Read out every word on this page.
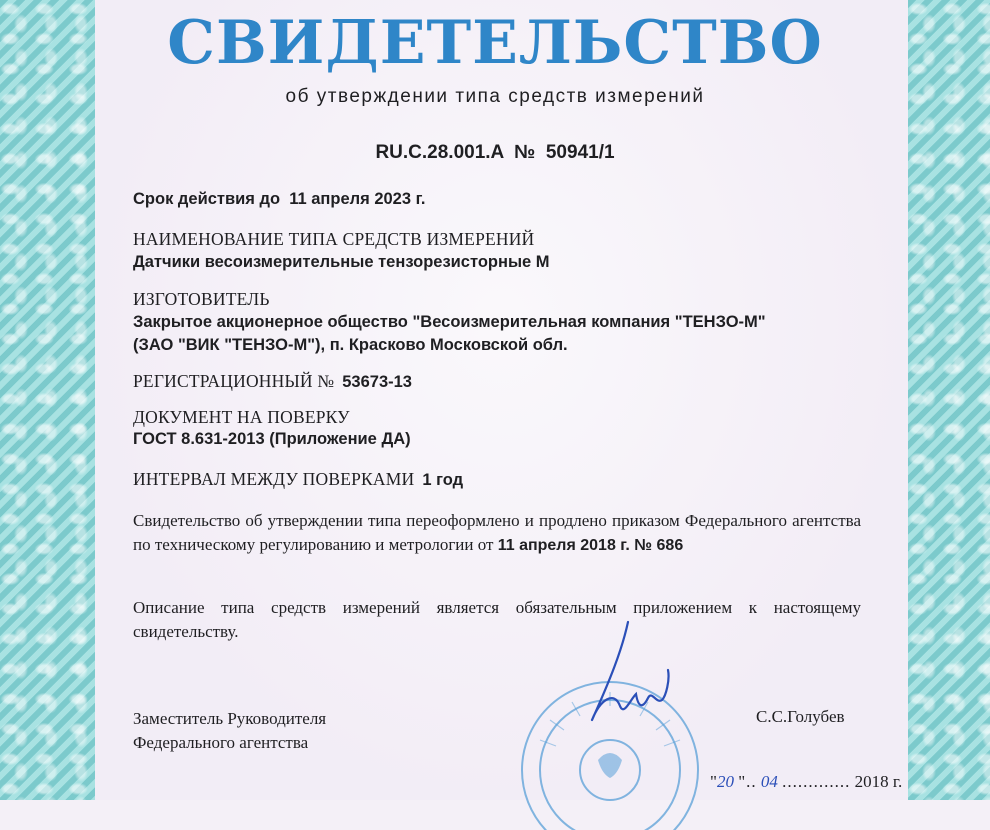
СВИДЕТЕЛЬСТВО
об утверждении типа средств измерений
RU.C.28.001.A  №  50941/1
Срок действия до 11 апреля 2023 г.
НАИМЕНОВАНИЕ ТИПА СРЕДСТВ ИЗМЕРЕНИЙ
Датчики весоизмерительные тензорезисторные М
ИЗГОТОВИТЕЛЬ
Закрытое акционерное общество "Весоизмерительная компания "ТЕНЗО-М"
(ЗАО "ВИК "ТЕНЗО-М"), п. Красково Московской обл.
РЕГИСТРАЦИОННЫЙ № 53673-13
ДОКУМЕНТ НА ПОВЕРКУ
ГОСТ 8.631-2013 (Приложение ДА)
ИНТЕРВАЛ МЕЖДУ ПОВЕРКАМИ 1 год
Свидетельство об утверждении типа переоформлено и продлено приказом Федерального агентства по техническому регулированию и метрологии от 11 апреля 2018 г. № 686
Описание типа средств измерений является обязательным приложением к настоящему свидетельству.
Заместитель Руководителя
Федерального агентства
С.С.Голубев
"20 ".. 04 ............. 2018 г.
